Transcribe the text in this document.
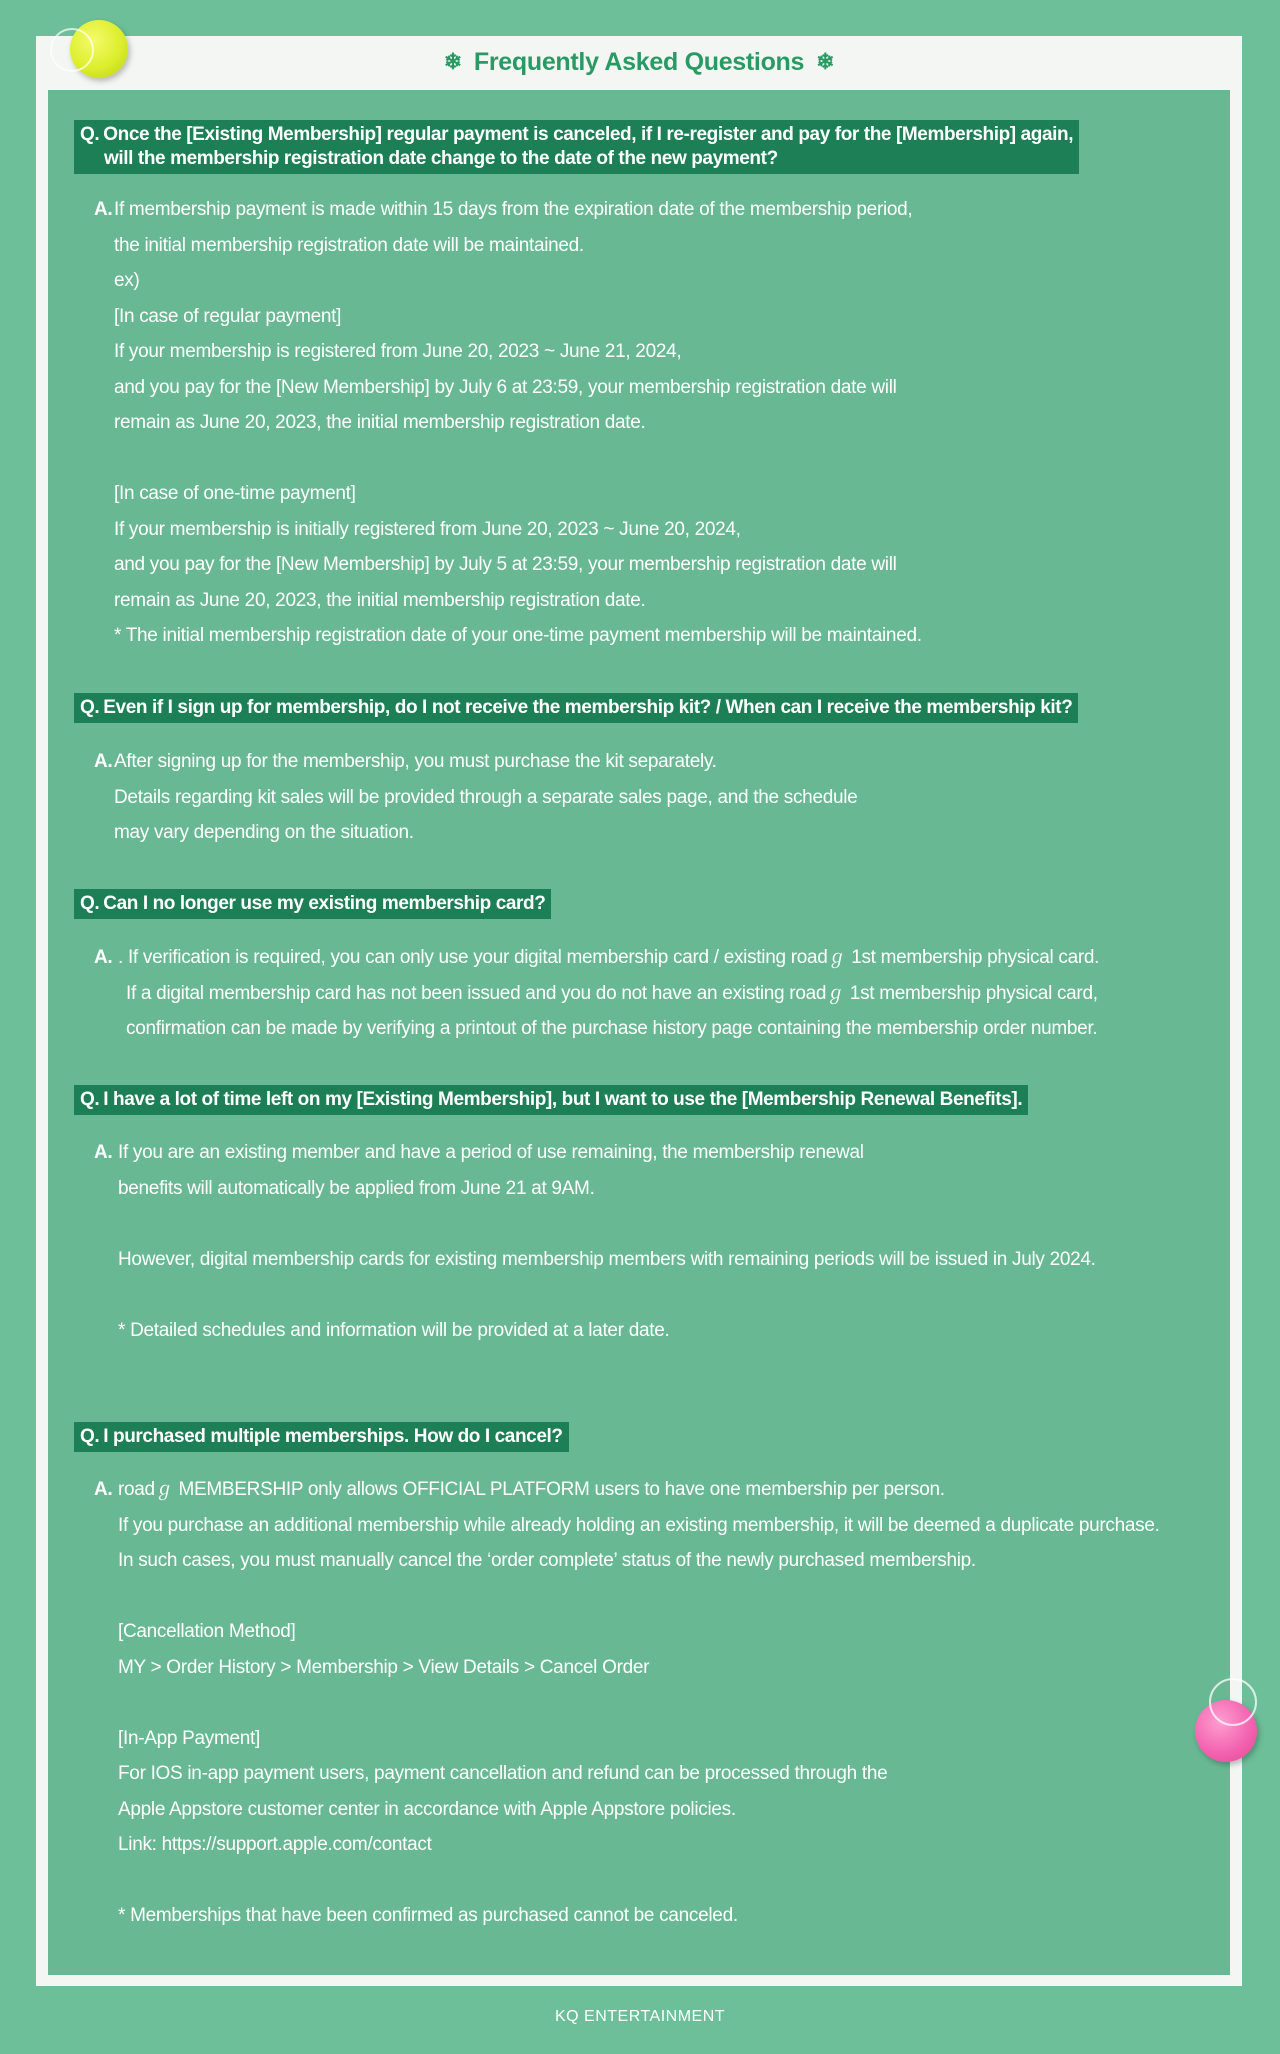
❄ Frequently Asked Questions ❄
Q. Once the [Existing Membership] regular payment is canceled, if I re-register and pay for the [Membership] again,
will the membership registration date change to the date of the new payment?
A. If membership payment is made within 15 days from the expiration date of the membership period,
the initial membership registration date will be maintained.
ex)
[In case of regular payment]
If your membership is registered from June 20, 2023 ~ June 21, 2024,
and you pay for the [New Membership] by July 6 at 23:59, your membership registration date will
remain as June 20, 2023, the initial membership registration date.

[In case of one-time payment]
If your membership is initially registered from June 20, 2023 ~ June 20, 2024,
and you pay for the [New Membership] by July 5 at 23:59, your membership registration date will
remain as June 20, 2023, the initial membership registration date.
* The initial membership registration date of your one-time payment membership will be maintained.
Q. Even if I sign up for membership, do I not receive the membership kit? / When can I receive the membership kit?
A. After signing up for the membership, you must purchase the kit separately.
Details regarding kit sales will be provided through a separate sales page, and the schedule
may vary depending on the situation.
Q. Can I no longer use my existing membership card?
A. . If verification is required, you can only use your digital membership card / existing roadℊ 1st membership physical card.
If a digital membership card has not been issued and you do not have an existing roadℊ 1st membership physical card,
confirmation can be made by verifying a printout of the purchase history page containing the membership order number.
Q. I have a lot of time left on my [Existing Membership], but I want to use the [Membership Renewal Benefits].
A. If you are an existing member and have a period of use remaining, the membership renewal
benefits will automatically be applied from June 21 at 9AM.

However, digital membership cards for existing membership members with remaining periods will be issued in July 2024.

* Detailed schedules and information will be provided at a later date.
Q. I purchased multiple memberships. How do I cancel?
A. roadℊ MEMBERSHIP only allows OFFICIAL PLATFORM users to have one membership per person.
If you purchase an additional membership while already holding an existing membership, it will be deemed a duplicate purchase.
In such cases, you must manually cancel the ‘order complete’ status of the newly purchased membership.

[Cancellation Method]
MY > Order History > Membership > View Details > Cancel Order

[In-App Payment]
For IOS in-app payment users, payment cancellation and refund can be processed through the
Apple Appstore customer center in accordance with Apple Appstore policies.
Link: https://support.apple.com/contact

* Memberships that have been confirmed as purchased cannot be canceled.
KQ ENTERTAINMENT
